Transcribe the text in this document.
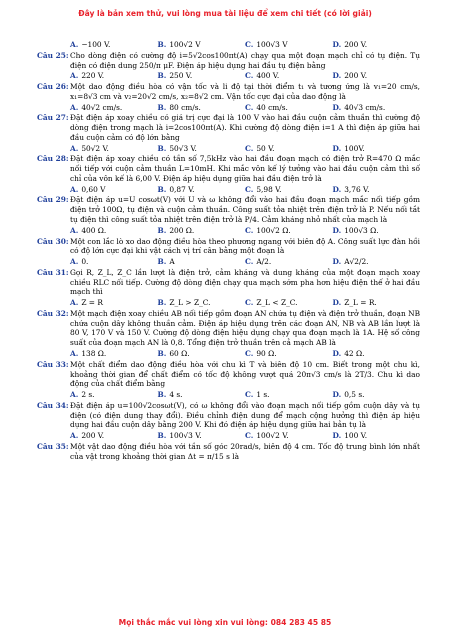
Đây là bản xem thử, vui lòng mua tài liệu để xem chi tiết (có lời giải)
A. −100 V.	B. 100√2 V	C. 100√3 V	D. 200 V.
Câu 25: Cho dòng điện có cường độ i=5√2cos100πt(A) chạy qua một đoạn mạch chỉ có tụ điện. Tụ điện có điện dung 250/π μF. Điện áp hiệu dụng hai đầu tụ điện bằng
A. 220 V.	B. 250 V.	C. 400 V.	D. 200 V.
Câu 26: Một dao động điều hòa có vận tốc và li độ tại thời điểm t₁ và tương ứng là v₁=20 cm/s, x₁=8√3 cm và v₂=20√2 cm/s, x₂=8√2 cm. Vận tốc cực đại của dao động là
A. 40√2 cm/s.	B. 80 cm/s.	C. 40 cm/s.	D. 40√3 cm/s.
Câu 27: Đặt điện áp xoay chiều có giá trị cực đại là 100 V vào hai đầu cuộn cảm thuần thì cường độ dòng điện trong mạch là i=2cos100πt(A). Khi cường độ dòng điện i=1 A thì điện áp giữa hai đầu cuộn cảm có độ lớn bằng
A. 50√2 V.	B. 50√3 V.	C. 50 V.	D. 100V.
Câu 28: Đặt điện áp xoay chiều có tần số 7,5kHz vào hai đầu đoạn mạch có điện trở R=470 Ω mắc nối tiếp với cuộn cảm thuần L=10mH. Khi mắc vôn kế lý tưởng vào hai đầu cuộn cảm thì số chỉ của vôn kế là 6,00 V. Điện áp hiệu dụng giữa hai đầu điện trở là
A. 0,60 V	B. 0,87 V.	C. 5,98 V.	D. 3,76 V.
Câu 29: Đặt điện áp u=U cosωt(V) với U và ω không đổi vào hai đầu đoạn mạch mắc nối tiếp gồm điện trở 100Ω, tụ điện và cuộn cảm thuần. Công suất tỏa nhiệt trên điện trở là P. Nếu nối tắt tụ điện thì công suất tỏa nhiệt trên điện trở là P/4. Cảm kháng nhỏ nhất của mạch là
A. 400 Ω.	B. 200 Ω.	C. 100√2 Ω.	D. 100√3 Ω.
Câu 30: Một con lắc lò xo dao động điều hòa theo phương ngang với biên độ A. Công suất lực đàn hồi có độ lớn cực đại khi vật cách vị trí cân bằng một đoạn là
A. 0.	B. A	C. A/2.	D. A√2/2.
Câu 31: Gọi R, Z_L, Z_C lần lượt là điện trở, cảm kháng và dung kháng của một đoạn mạch xoay chiều RLC nối tiếp. Cường độ dòng điện chạy qua mạch sớm pha hơn hiệu điện thế ở hai đầu mạch thì
A. Z = R	B. Z_L > Z_C.	C. Z_L < Z_C.	D. Z_L = R.
Câu 32: Một mạch điện xoay chiều AB nối tiếp gồm đoạn AN chứa tụ điện và điện trở thuần, đoạn NB chứa cuộn dây không thuần cảm. Điện áp hiệu dụng trên các đoạn AN, NB và AB lần lượt là 80 V, 170 V và 150 V. Cường độ dòng điện hiệu dụng chạy qua đoạn mạch là 1A. Hệ số công suất của đoạn mạch AN là 0,8. Tổng điện trở thuần trên cả mạch AB là
A. 138 Ω.	B. 60 Ω.	C. 90 Ω.	D. 42 Ω.
Câu 33: Một chất điểm dao động điều hòa với chu kì T và biên độ 10 cm. Biết trong một chu kì, khoảng thời gian để chất điểm có tốc độ không vượt quá 20π√3 cm/s là 2T/3. Chu kì dao động của chất điểm bằng
A. 2 s.	B. 4 s.	C. 1 s.	D. 0,5 s.
Câu 34: Đặt điện áp u=100√2cosωt(V), có ω không đổi vào đoạn mạch nối tiếp gồm cuộn dây và tụ điện (có điện dung thay đổi). Điều chỉnh điện dung để mạch cộng hưởng thì điện áp hiệu dụng hai đầu cuộn dây bằng 200 V. Khi đó điện áp hiệu dụng giữa hai bản tụ là
A. 200 V.	B. 100√3 V.	C. 100√2 V.	D. 100 V.
Câu 35: Một vật dao động điều hòa với tần số góc 20rad/s, biên độ 4 cm. Tốc độ trung bình lớn nhất của vật trong khoảng thời gian Δt = π/15 s là
Mọi thắc mắc vui lòng xin vui lòng: 084 283 45 85
